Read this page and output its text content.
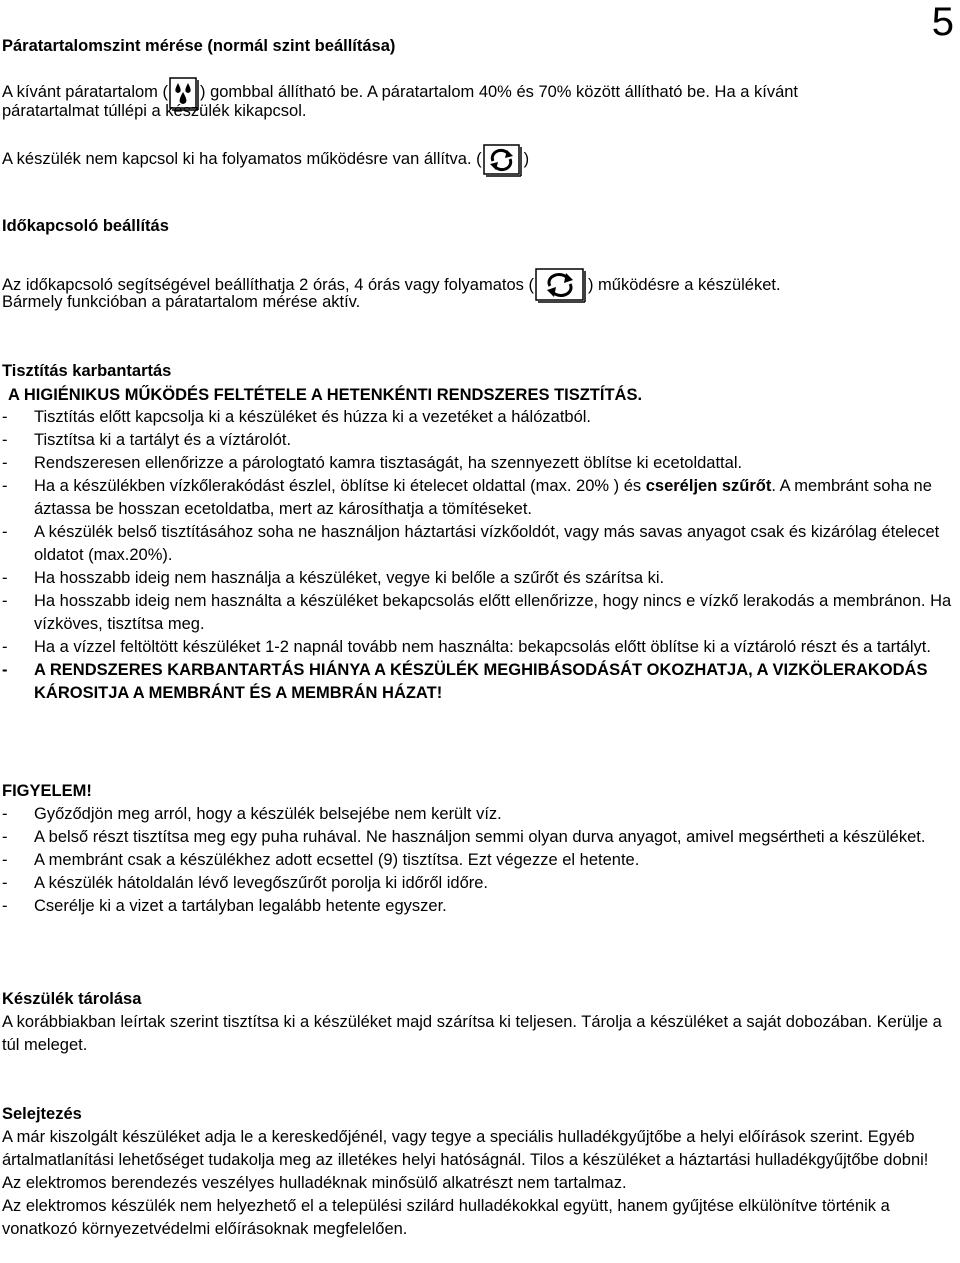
5
Páratartalomszint mérése (normál szint beállítása)
A kívánt páratartalom ( ) gombbal állítható be. A páratartalom 40% és 70% között állítható be. Ha a kívánt
páratartalmat túllépi a készülék kikapcsol.
A készülék nem kapcsol ki ha folyamatos működésre van állítva. (	)
Időkapcsoló beállítás
Az időkapcsoló segítségével beállíthatja 2 órás, 4 órás vagy folyamatos (	) működésre a készüléket.
Bármely funkcióban a páratartalom mérése aktív.
Tisztítás karbantartás
A HIGIÉNIKUS MŰKÖDÉS FELTÉTELE A HETENKÉNTI RENDSZERES TISZTÍTÁS.
- Tisztítás előtt kapcsolja ki a készüléket és húzza ki a vezetéket a hálózatból.
- Tisztítsa ki a tartályt és a víztárolót.
- Rendszeresen ellenőrizze a párologtató kamra tisztaságát, ha szennyezett öblítse ki ecetoldattal.
- Ha a készülékben vízkőlerakódást észlel, öblítse ki ételecet oldattal (max. 20% ) és cseréljen szűrőt. A membránt soha ne áztassa be hosszan ecetoldatba, mert az károsíthatja a tömítéseket.
- A készülék belső tisztításához soha ne használjon háztartási vízkőoldót, vagy más savas anyagot csak és kizárólag ételecet oldatot (max.20%).
- Ha hosszabb ideig nem használja a készüléket, vegye ki belőle a szűrőt és szárítsa ki.
- Ha hosszabb ideig nem használta a készüléket bekapcsolás előtt ellenőrizze, hogy nincs e vízkő lerakodás a membránon. Ha vízköves, tisztítsa meg.
- Ha a vízzel feltöltött készüléket 1-2 napnál tovább nem használta: bekapcsolás előtt öblítse ki a víztároló részt és a tartályt.
- A RENDSZERES KARBANTARTÁS HIÁNYA A KÉSZÜLÉK MEGHIBÁSODÁSÁT OKOZHATJA, A VIZKÖLERAKODÁS KÁROSITJA A MEMBRÁNT ÉS A MEMBRÁN HÁZAT!
FIGYELEM!
- Győződjön meg arról, hogy a készülék belsejébe nem került víz.
- A belső részt tisztítsa meg egy puha ruhával. Ne használjon semmi olyan durva anyagot, amivel megsértheti a készüléket.
- A membránt csak a készülékhez adott ecsettel (9) tisztítsa. Ezt végezze el hetente.
- A készülék hátoldalán lévő levegőszűrőt porolja ki időről időre.
- Cserélje ki a vizet a tartályban legalább hetente egyszer.
Készülék tárolása
A korábbiakban leírtak szerint tisztítsa ki a készüléket majd szárítsa ki teljesen. Tárolja a készüléket a saját dobozában. Kerülje a túl meleget.
Selejtezés
A már kiszolgált készüléket adja le a kereskedőjénél, vagy tegye a speciális hulladékgyűjtőbe a helyi előírások szerint. Egyéb ártalmatlanítási lehetőséget tudakolja meg az illetékes helyi hatóságnál. Tilos a készüléket a háztartási hulladékgyűjtőbe dobni!
Az elektromos berendezés veszélyes hulladéknak minősülő alkatrészt nem tartalmaz.
Az elektromos készülék nem helyezhető el a települési szilárd hulladékokkal együtt, hanem gyűjtése elkülönítve történik a vonatkozó környezetvédelmi előírásoknak megfelelően.
